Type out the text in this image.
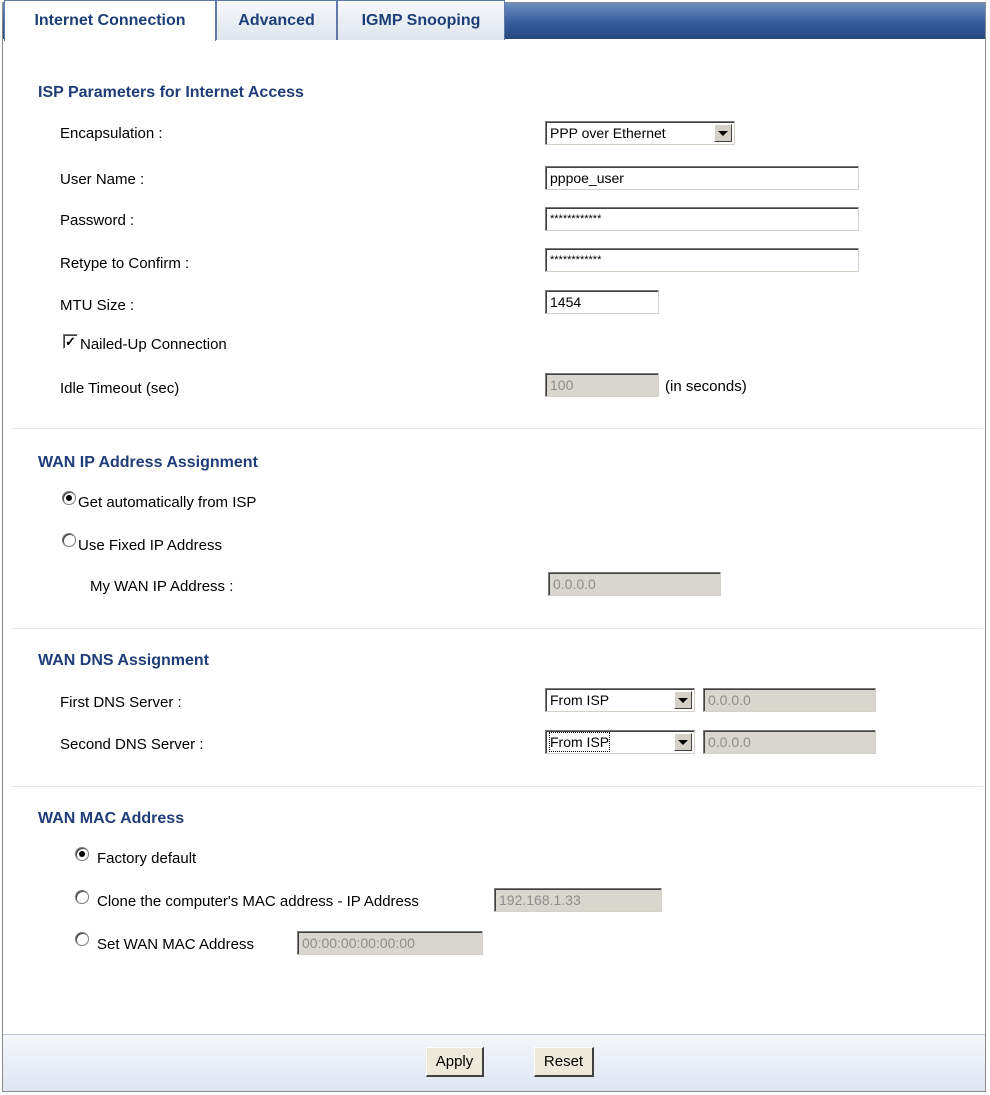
Internet Connection	Advanced	IGMP Snooping
ISP Parameters for Internet Access
Encapsulation :	PPP over Ethernet
User Name :	pppoe_user
Password :	************
Retype to Confirm :	************
MTU Size :	1454
✓ Nailed-Up Connection
Idle Timeout (sec)	100	(in seconds)
WAN IP Address Assignment
Get automatically from ISP
Use Fixed IP Address
My WAN IP Address :	0.0.0.0
WAN DNS Assignment
First DNS Server :	From ISP	0.0.0.0
Second DNS Server :	From ISP	0.0.0.0
WAN MAC Address
Factory default
Clone the computer's MAC address - IP Address	192.168.1.33
Set WAN MAC Address	00:00:00:00:00:00
Apply	Reset
